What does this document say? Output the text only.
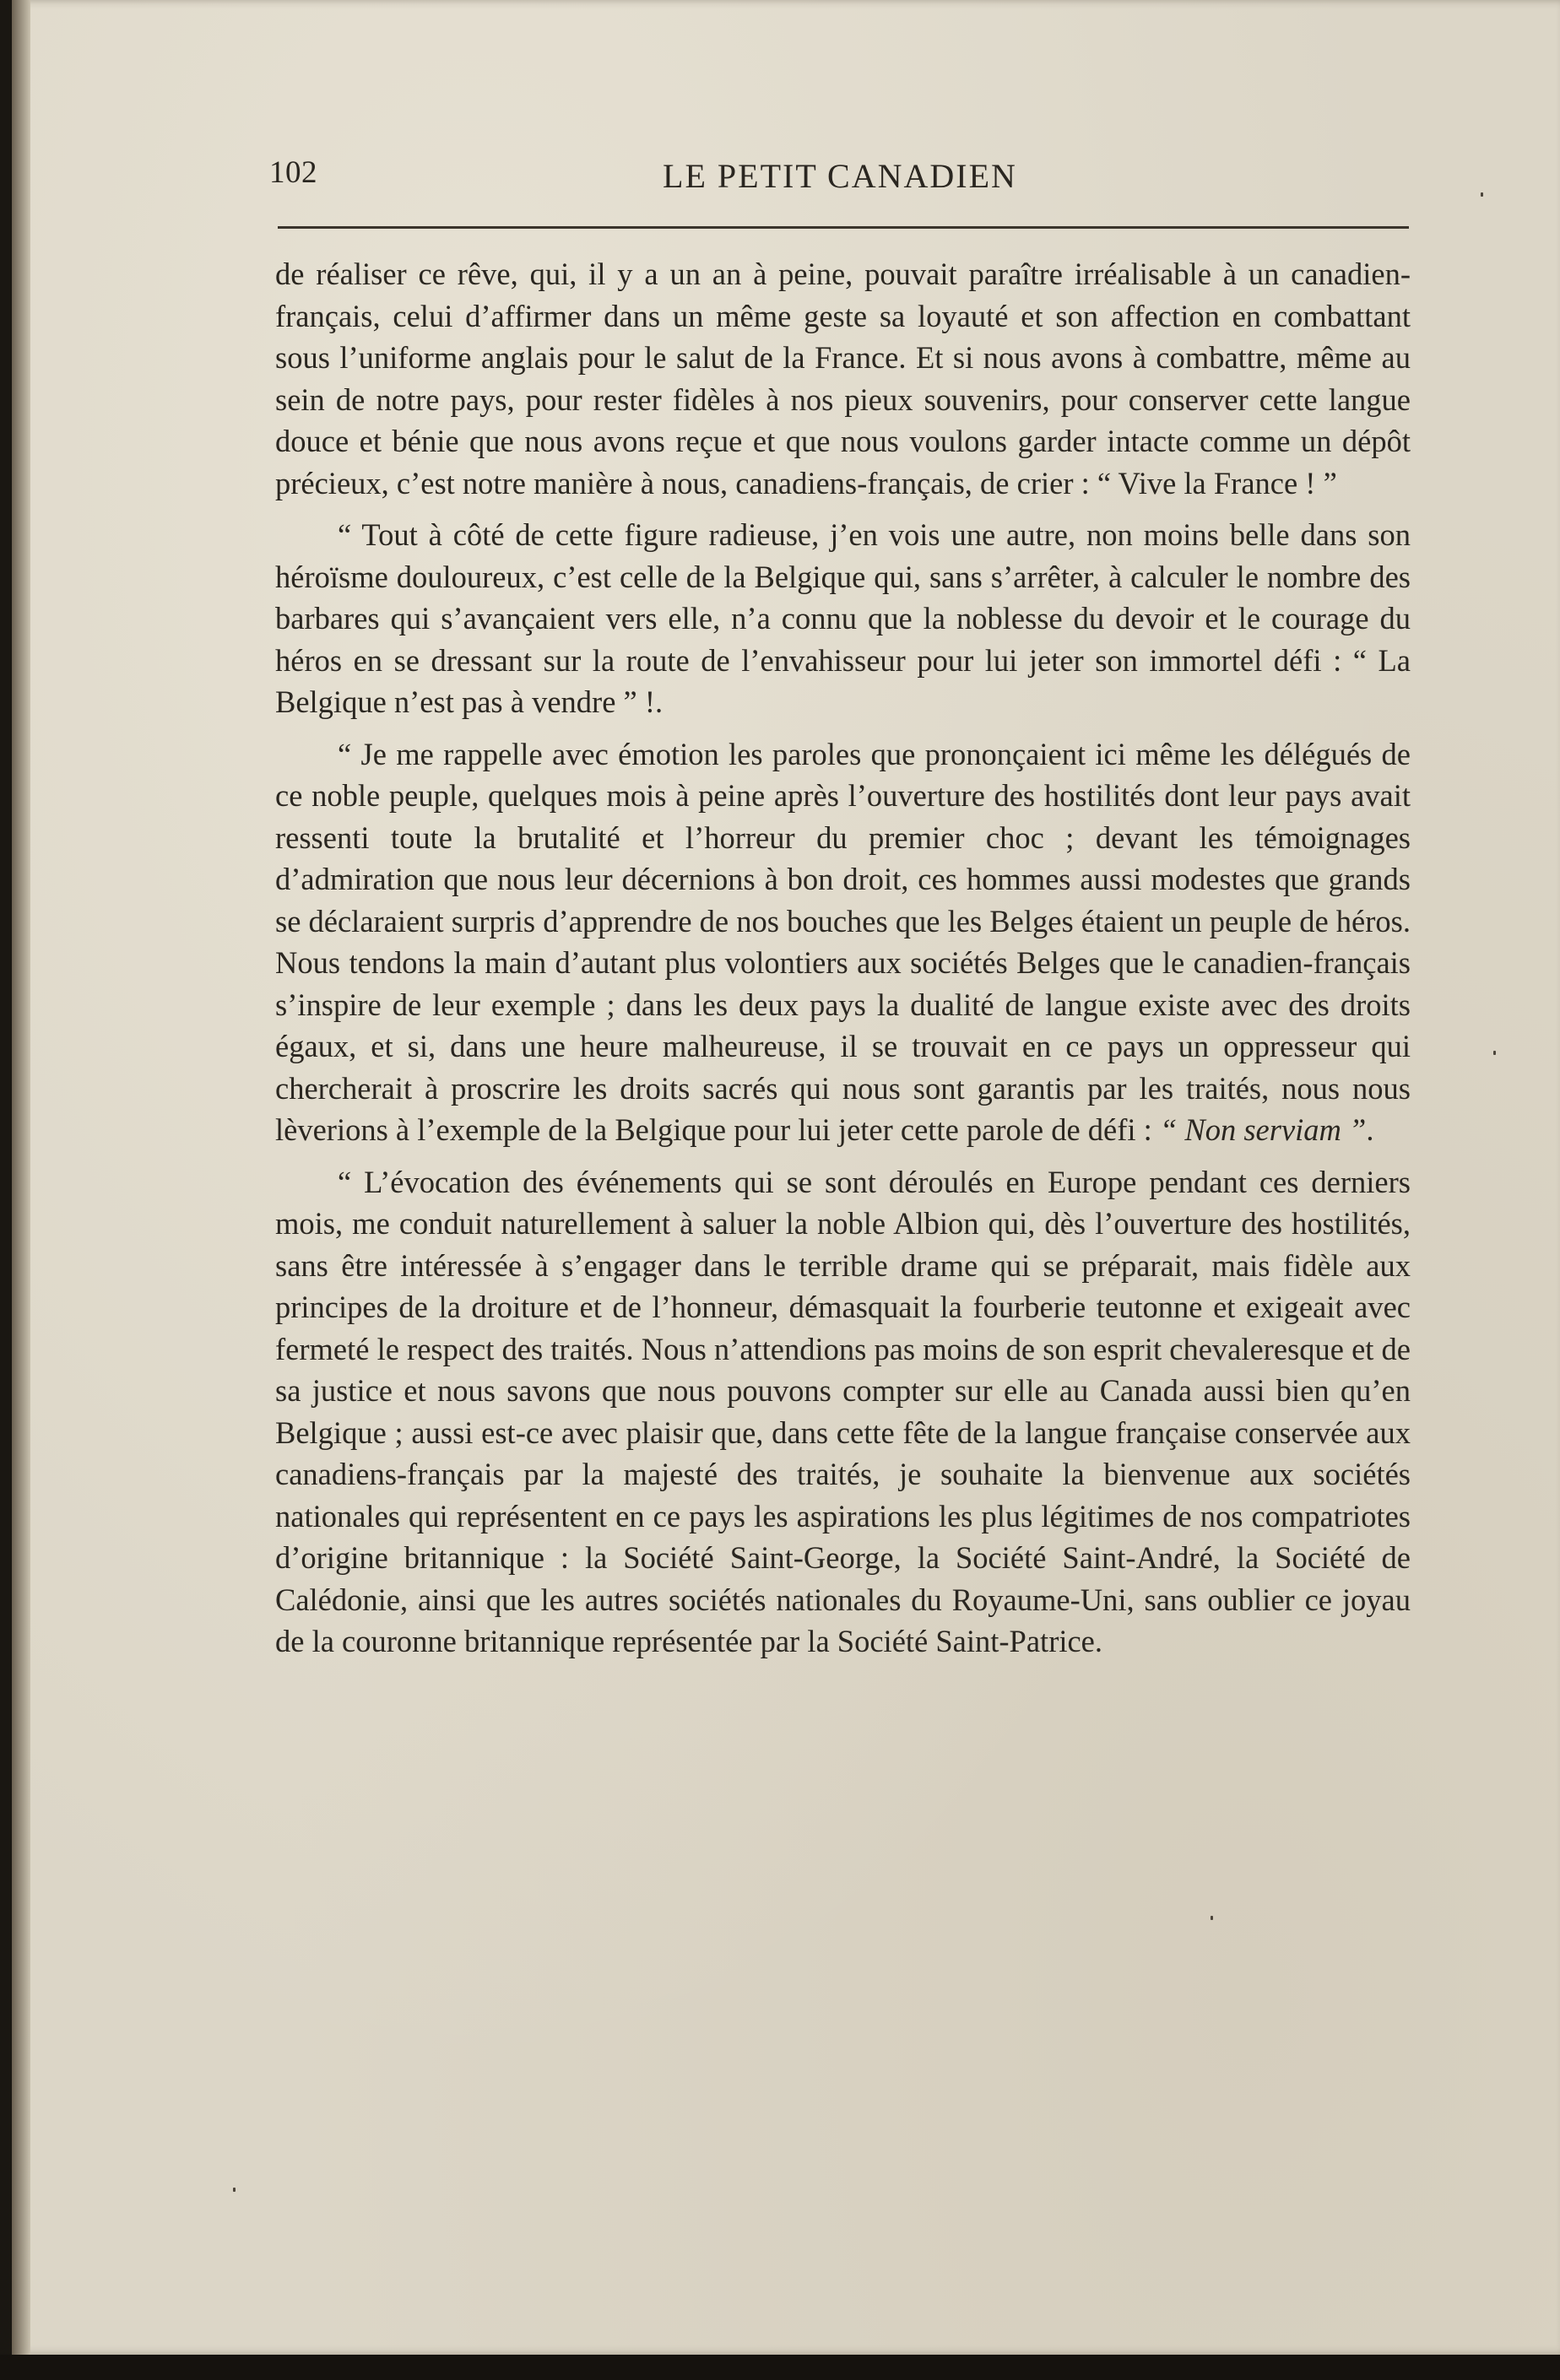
102	LE PETIT CANADIEN

de réaliser ce rêve, qui, il y a un an à peine, pouvait paraître irréalisable à un canadien-français, celui d’affirmer dans un même geste sa loyauté et son affection en combattant sous l’uniforme anglais pour le salut de la France. Et si nous avons à combattre, même au sein de notre pays, pour rester fidèles à nos pieux souvenirs, pour conserver cette langue douce et bénie que nous avons reçue et que nous voulons garder intacte comme un dépôt précieux, c’est notre manière à nous, canadiens-français, de crier : “ Vive la France ! ”

“ Tout à côté de cette figure radieuse, j’en vois une autre, non moins belle dans son héroïsme douloureux, c’est celle de la Belgique qui, sans s’arrêter, à calculer le nombre des barbares qui s’avançaient vers elle, n’a connu que la noblesse du devoir et le courage du héros en se dressant sur la route de l’envahisseur pour lui jeter son immortel défi : “ La Belgique n’est pas à vendre ” !.

“ Je me rappelle avec émotion les paroles que prononçaient ici même les délégués de ce noble peuple, quelques mois à peine après l’ouverture des hostilités dont leur pays avait ressenti toute la brutalité et l’horreur du premier choc ; devant les témoignages d’admiration que nous leur décernions à bon droit, ces hommes aussi modestes que grands se déclaraient surpris d’apprendre de nos bouches que les Belges étaient un peuple de héros. Nous tendons la main d’autant plus volontiers aux sociétés Belges que le canadien-français s’inspire de leur exemple ; dans les deux pays la dualité de langue existe avec des droits égaux, et si, dans une heure malheureuse, il se trouvait en ce pays un oppresseur qui chercherait à proscrire les droits sacrés qui nous sont garantis par les traités, nous nous lèverions à l’exemple de la Belgique pour lui jeter cette parole de défi : “ Non serviam ”.

“ L’évocation des événements qui se sont déroulés en Europe pendant ces derniers mois, me conduit naturellement à saluer la noble Albion qui, dès l’ouverture des hostilités, sans être intéressée à s’engager dans le terrible drame qui se préparait, mais fidèle aux principes de la droiture et de l’honneur, démasquait la fourberie teutonne et exigeait avec fermeté le respect des traités. Nous n’attendions pas moins de son esprit chevaleresque et de sa justice et nous savons que nous pouvons compter sur elle au Canada aussi bien qu’en Belgique ; aussi est-ce avec plaisir que, dans cette fête de la langue française conservée aux canadiens-français par la majesté des traités, je souhaite la bienvenue aux sociétés nationales qui représentent en ce pays les aspirations les plus légitimes de nos compatriotes d’origine britannique : la Société Saint-George, la Société Saint-André, la Société de Calédonie, ainsi que les autres sociétés nationales du Royaume-Uni, sans oublier ce joyau de la couronne britannique représentée par la Société Saint-Patrice.
